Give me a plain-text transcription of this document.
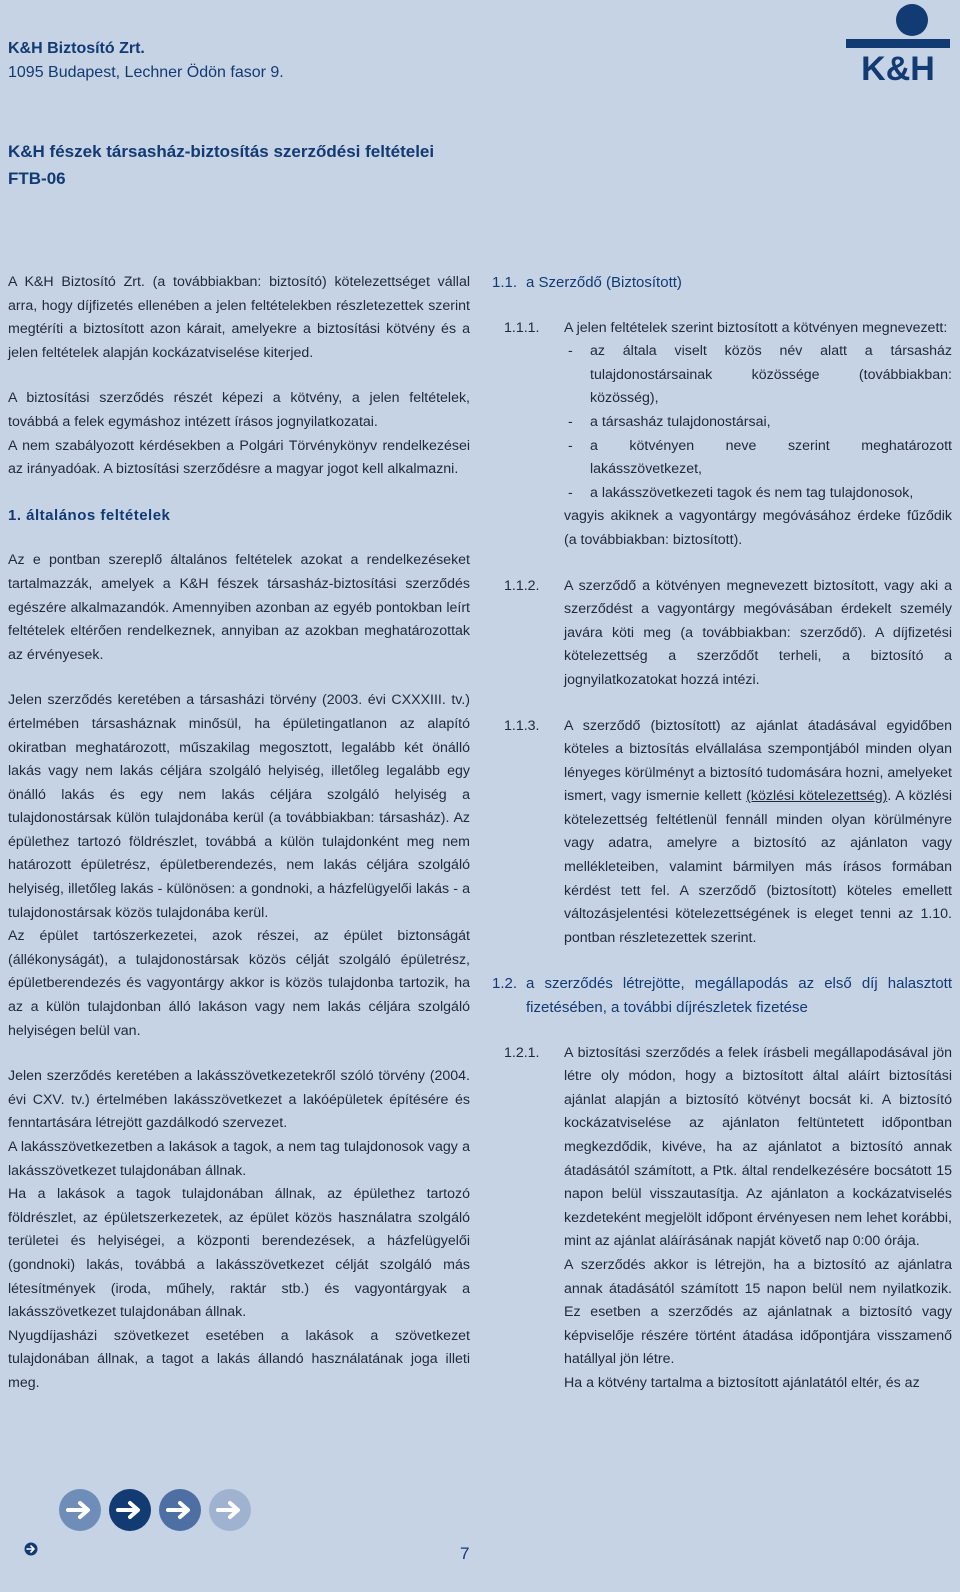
K&H Biztosító Zrt.
1095 Budapest, Lechner Ödön fasor 9.	K&H
K&H fészek társasház-biztosítás szerződési feltételei
FTB-06

A K&H Biztosító Zrt. (a továbbiakban: biztosító) kötelezettséget vállal arra, hogy díjfizetés ellenében a jelen feltételekben részletezettek szerint megtéríti a biztosított azon kárait, amelyekre a biztosítási kötvény és a jelen feltételek alapján kockázatviselése kiterjed.

A biztosítási szerződés részét képezi a kötvény, a jelen feltételek, továbbá a felek egymáshoz intézett írásos jognyilatkozatai.

A nem szabályozott kérdésekben a Polgári Törvénykönyv rendelkezései az irányadóak. A biztosítási szerződésre a magyar jogot kell alkalmazni.

1. általános feltételek

Az e pontban szereplő általános feltételek azokat a rendelkezéseket tartalmazzák, amelyek a K&H fészek társasház-biztosítási szerződés egészére alkalmazandók. Amennyiben azonban az egyéb pontokban leírt feltételek eltérően rendelkeznek, annyiban az azokban meghatározottak az érvényesek.

Jelen szerződés keretében a társasházi törvény (2003. évi CXXXIII. tv.) értelmében társasháznak minősül, ha épületingatlanon az alapító okiratban meghatározott, műszakilag megosztott, legalább két önálló lakás vagy nem lakás céljára szolgáló helyiség, illetőleg legalább egy önálló lakás és egy nem lakás céljára szolgáló helyiség a tulajdonostársak külön tulajdonába kerül (a továbbiakban: társasház). Az épülethez tartozó földrészlet, továbbá a külön tulajdonként meg nem határozott épületrész, épületberendezés, nem lakás céljára szolgáló helyiség, illetőleg lakás - különösen: a gondnoki, a házfelügyelői lakás - a tulajdonostársak közös tulajdonába kerül.

Az épület tartószerkezetei, azok részei, az épület biztonságát (állékonyságát), a tulajdonostársak közös célját szolgáló épületrész, épületberendezés és vagyontárgy akkor is közös tulajdonba tartozik, ha az a külön tulajdonban álló lakáson vagy nem lakás céljára szolgáló helyiségen belül van.

Jelen szerződés keretében a lakásszövetkezetekről szóló törvény (2004. évi CXV. tv.) értelmében lakásszövetkezet a lakóépületek építésére és fenntartására létrejött gazdálkodó szervezet.

A lakásszövetkezetben a lakások a tagok, a nem tag tulajdonosok vagy a lakásszövetkezet tulajdonában állnak.

Ha a lakások a tagok tulajdonában állnak, az épülethez tartozó földrészlet, az épületszerkezetek, az épület közös használatra szolgáló területei és helyiségei, a központi berendezések, a házfelügyelői (gondnoki) lakás, továbbá a lakásszövetkezet célját szolgáló más létesítmények (iroda, műhely, raktár stb.) és vagyontárgyak a lakásszövetkezet tulajdonában állnak.

Nyugdíjasházi szövetkezet esetében a lakások a szövetkezet tulajdonában állnak, a tagot a lakás állandó használatának joga illeti meg.

1.1. a Szerződő (Biztosított)
1.1.1. A jelen feltételek szerint biztosított a kötvényen megnevezett:
- az általa viselt közös név alatt a társasház tulajdonostársainak közössége (továbbiakban: közösség),
- a társasház tulajdonostársai,
- a kötvényen neve szerint meghatározott lakásszövetkezet,
- a lakásszövetkezeti tagok és nem tag tulajdonosok,
vagyis akiknek a vagyontárgy megóvásához érdeke fűződik (a továbbiakban: biztosított).
1.1.2. A szerződő a kötvényen megnevezett biztosított, vagy aki a szerződést a vagyontárgy megóvásában érdekelt személy javára köti meg (a továbbiakban: szerződő). A díjfizetési kötelezettség a szerződőt terheli, a biztosító a jognyilatkozatokat hozzá intézi.
1.1.3. A szerződő (biztosított) az ajánlat átadásával egyidőben köteles a biztosítás elvállalása szempontjából minden olyan lényeges körülményt a biztosító tudomására hozni, amelyeket ismert, vagy ismernie kellett (közlési kötelezettség). A közlési kötelezettség feltétlenül fennáll minden olyan körülményre vagy adatra, amelyre a biztosító az ajánlaton vagy mellékleteiben, valamint bármilyen más írásos formában kérdést tett fel. A szerződő (biztosított) köteles emellett változásjelentési kötelezettségének is eleget tenni az 1.10. pontban részletezettek szerint.
1.2. a szerződés létrejötte, megállapodás az első díj halasztott fizetésében, a további díjrészletek fizetése
1.2.1. A biztosítási szerződés a felek írásbeli megállapodásával jön létre oly módon, hogy a biztosított által aláírt biztosítási ajánlat alapján a biztosító kötvényt bocsát ki. A biztosító kockázatviselése az ajánlaton feltüntetett időpontban megkezdődik, kivéve, ha az ajánlatot a biztosító annak átadásától számított, a Ptk. által rendelkezésére bocsátott 15 napon belül visszautasítja. Az ajánlaton a kockázatviselés kezdeteként megjelölt időpont érvényesen nem lehet korábbi, mint az ajánlat aláírásának napját követő nap 0:00 órája.
A szerződés akkor is létrejön, ha a biztosító az ajánlatra annak átadásától számított 15 napon belül nem nyilatkozik. Ez esetben a szerződés az ajánlatnak a biztosító vagy képviselője részére történt átadása időpontjára visszamenő hatállyal jön létre.
Ha a kötvény tartalma a biztosított ajánlatától eltér, és az
7
